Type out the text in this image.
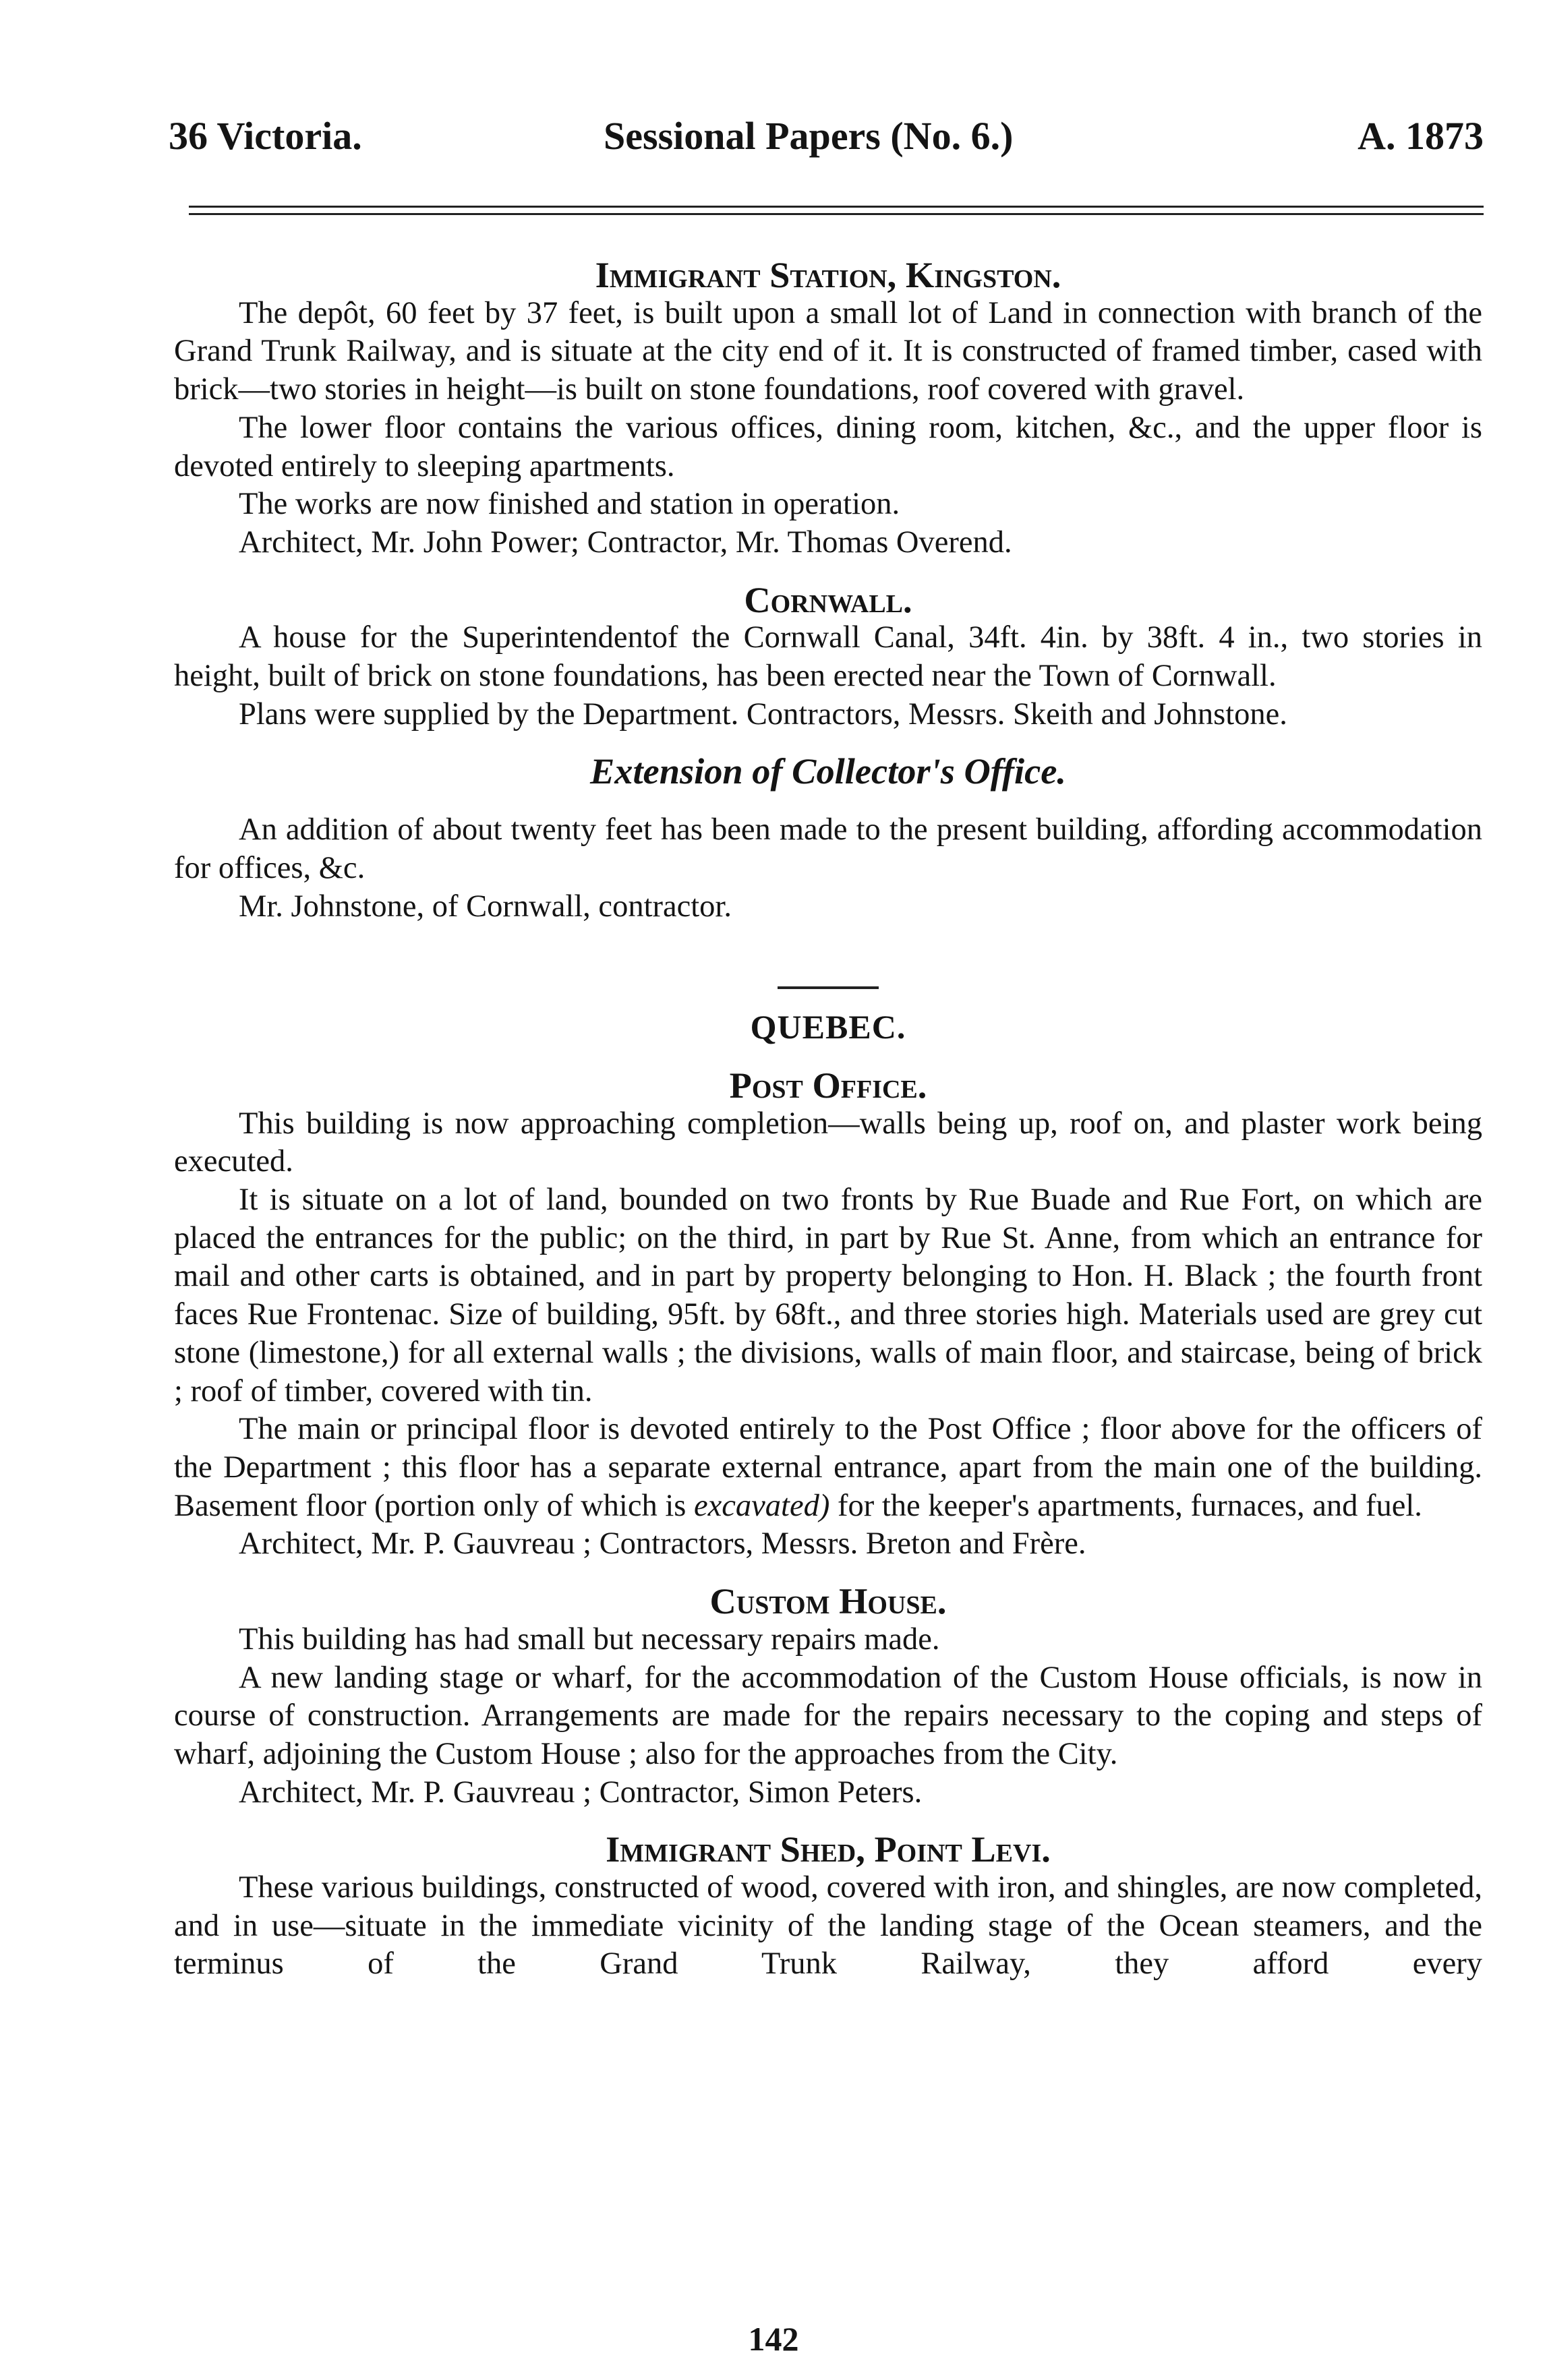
36 Victoria.	Sessional Papers (No. 6.)	A. 1873
Immigrant Station, Kingston.

The depôt, 60 feet by 37 feet, is built upon a small lot of Land in connection with branch of the Grand Trunk Railway, and is situate at the city end of it. It is constructed of framed timber, cased with brick—two stories in height—is built on stone foundations, roof covered with gravel.

The lower floor contains the various offices, dining room, kitchen, &c., and the upper floor is devoted entirely to sleeping apartments.

The works are now finished and station in operation.

Architect, Mr. John Power; Contractor, Mr. Thomas Overend.

Cornwall.

A house for the Superintendentof the Cornwall Canal, 34ft. 4in. by 38ft. 4 in., two stories in height, built of brick on stone foundations, has been erected near the Town of Cornwall.

Plans were supplied by the Department. Contractors, Messrs. Skeith and Johnstone.

Extension of Collector's Office.

An addition of about twenty feet has been made to the present building, affording accommodation for offices, &c.

Mr. Johnstone, of Cornwall, contractor.

QUEBEC.
Post Office.

This building is now approaching completion—walls being up, roof on, and plaster work being executed.

It is situate on a lot of land, bounded on two fronts by Rue Buade and Rue Fort, on which are placed the entrances for the public; on the third, in part by Rue St. Anne, from which an entrance for mail and other carts is obtained, and in part by property belonging to Hon. H. Black ; the fourth front faces Rue Frontenac. Size of building, 95ft. by 68ft., and three stories high. Materials used are grey cut stone (limestone,) for all external walls ; the divisions, walls of main floor, and staircase, being of brick ; roof of timber, covered with tin.

The main or principal floor is devoted entirely to the Post Office ; floor above for the officers of the Department ; this floor has a separate external entrance, apart from the main one of the building. Basement floor (portion only of which is excavated) for the keeper's apartments, furnaces, and fuel.

Architect, Mr. P. Gauvreau ; Contractors, Messrs. Breton and Frère.

Custom House.

This building has had small but necessary repairs made.

A new landing stage or wharf, for the accommodation of the Custom House officials, is now in course of construction. Arrangements are made for the repairs necessary to the coping and steps of wharf, adjoining the Custom House ; also for the approaches from the City.

Architect, Mr. P. Gauvreau ; Contractor, Simon Peters.

Immigrant Shed, Point Levi.

These various buildings, constructed of wood, covered with iron, and shingles, are now completed, and in use—situate in the immediate vicinity of the landing stage of the Ocean steamers, and the terminus of the Grand Trunk Railway, they afford every

142
